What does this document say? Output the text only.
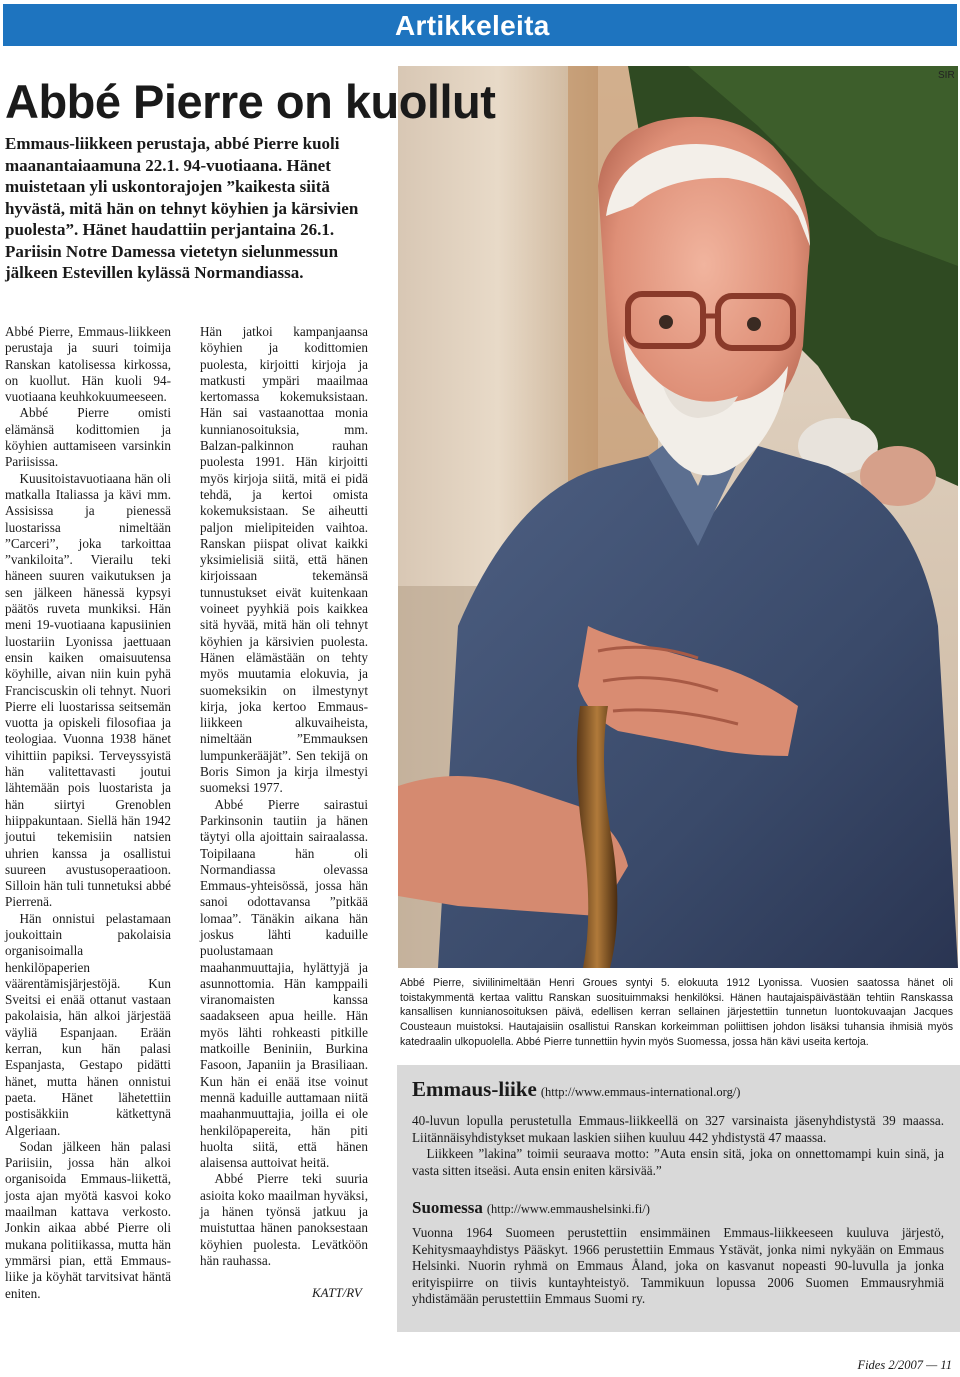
Artikkeleita
SIR
Abbé Pierre on kuollut

Emmaus-liikkeen perustaja, abbé Pierre kuoli maanantaiaamuna 22.1. 94-vuotiaana. Hänet muistetaan yli uskontorajojen ”kaikesta siitä hyvästä, mitä hän on tehnyt köyhien ja kärsivien puolesta”. Hänet haudattiin perjantaina 26.1. Pariisin Notre Damessa vietetyn sielunmessun jälkeen Estevillen kylässä Normandiassa.

Abbé Pierre, Emmaus-liikkeen perustaja ja suuri toimija Ranskan katolisessa kirkossa, on kuollut. Hän kuoli 94-vuotiaana keuhkokuumeeseen.

Abbé Pierre omisti elämänsä kodittomien ja köyhien auttamiseen varsinkin Pariisissa.

Kuusitoistavuotiaana hän oli matkalla Italiassa ja kävi mm. Assisissa ja pienessä luostarissa nimeltään ”Carceri”, joka tarkoittaa ”vankiloita”. Vierailu teki häneen suuren vaikutuksen ja sen jälkeen hänessä kypsyi päätös ruveta munkiksi. Hän meni 19-vuotiaana kapusiinien luostariin Lyonissa jaettuaan ensin kaiken omaisuutensa köyhille, aivan niin kuin pyhä Franciscuskin oli tehnyt. Nuori Pierre eli luostarissa seitsemän vuotta ja opiskeli filosofiaa ja teologiaa. Vuonna 1938 hänet vihittiin papiksi. Terveyssyistä hän valitettavasti joutui lähtemään pois luostarista ja hän siirtyi Grenoblen hiippakuntaan. Siellä hän 1942 joutui tekemisiin natsien uhrien kanssa ja osallistui suureen avustusoperaatioon. Silloin hän tuli tunnetuksi abbé Pierrenä.

Hän onnistui pelastamaan joukoittain pakolaisia organisoimalla henkilöpaperien väärentämisjärjestöjä. Kun Sveitsi ei enää ottanut vastaan pakolaisia, hän alkoi järjestää väyliä Espanjaan. Erään kerran, kun hän palasi Espanjasta, Gestapo pidätti hänet, mutta hänen onnistui paeta. Hänet lähetettiin postisäkkiin kätkettynä Algeriaan.

Sodan jälkeen hän palasi Pariisiin, jossa hän alkoi organisoida Emmaus-liikettä, josta ajan myötä kasvoi koko maailman kattava verkosto. Jonkin aikaa abbé Pierre oli mukana politiikassa, mutta hän ymmärsi pian, että Emmaus-liike ja köyhät tarvitsivat häntä eniten.

Hän jatkoi kampanjaansa köyhien ja kodittomien puolesta, kirjoitti kirjoja ja matkusti ympäri maailmaa kertomassa kokemuksistaan. Hän sai vastaanottaa monia kunnianosoituksia, mm. Balzan-palkinnon rauhan puolesta 1991. Hän kirjoitti myös kirjoja siitä, mitä ei pidä tehdä, ja kertoi omista kokemuksistaan. Se aiheutti paljon mielipiteiden vaihtoa. Ranskan piispat olivat kaikki yksimielisiä siitä, että hänen kirjoissaan tekemänsä tunnustukset eivät kuitenkaan voineet pyyhkiä pois kaikkea sitä hyvää, mitä hän oli tehnyt köyhien ja kärsivien puolesta. Hänen elämästään on tehty myös muutamia elokuvia, ja suomeksikin on ilmestynyt kirja, joka kertoo Emmaus-liikkeen alkuvaiheista, nimeltään ”Emmauksen lumpunkerääjät”. Sen tekijä on Boris Simon ja kirja ilmestyi suomeksi 1977.

Abbé Pierre sairastui Parkinsonin tautiin ja hänen täytyi olla ajoittain sairaalassa. Toipilaana hän oli Normandiassa olevassa Emmaus-yhteisössä, jossa hän sanoi odottavansa ”pitkää lomaa”. Tänäkin aikana hän joskus lähti kaduille puolustamaan maahanmuuttajia, hylättyjä ja asunnottomia. Hän kamppaili viranomaisten kanssa saadakseen apua heille. Hän myös lähti rohkeasti pitkille matkoille Beniniin, Burkina Fasoon, Japaniin ja Brasiliaan. Kun hän ei enää itse voinut mennä kaduille auttamaan niitä maahanmuuttajia, joilla ei ole henkilöpapereita, hän piti huolta siitä, että hänen alaisensa auttoivat heitä.

Abbé Pierre teki suuria asioita koko maailman hyväksi, ja hänen työnsä jatkuu ja muistuttaa hänen panoksestaan köyhien puolesta. Levätköön hän rauhassa.

KATT/RV

Abbé Pierre, siviilinimeltään Henri Groues syntyi 5. elokuuta 1912 Lyonissa. Vuosien saatossa hänet oli toistakymmentä kertaa valittu Ranskan suosituimmaksi henkilöksi. Hänen hautajaispäivästään tehtiin Ranskassa kansallisen kunnianosoituksen päivä, edellisen kerran sellainen järjestettiin tunnetun luontokuvaajan Jacques Cousteaun muistoksi. Hautajaisiin osallistui Ranskan korkeimman poliittisen johdon lisäksi tuhansia ihmisiä myös katedraalin ulkopuolella. Abbé Pierre tunnettiin hyvin myös Suomessa, jossa hän kävi useita kertoja.

Emmaus-liike (http://www.emmaus-international.org/)

40-luvun lopulla perustetulla Emmaus-liikkeellä on 327 varsinaista jäsenyhdistystä 39 maassa. Liitännäisyhdistykset mukaan laskien siihen kuuluu 442 yhdistystä 47 maassa.

Liikkeen ”lakina” toimii seuraava motto: ”Auta ensin sitä, joka on onnettomampi kuin sinä, ja vasta sitten itseäsi. Auta ensin eniten kärsivää.”

Suomessa (http://www.emmaushelsinki.fi/)

Vuonna 1964 Suomeen perustettiin ensimmäinen Emmaus-liikkeeseen kuuluva järjestö, Kehitysmaayhdistys Pääskyt. 1966 perustettiin Emmaus Ystävät, jonka nimi nykyään on Emmaus Helsinki. Nuorin ryhmä on Emmaus Åland, joka on kasvanut nopeasti 90-luvulla ja jonka erityispiirre on tiivis kuntayhteistyö. Tammikuun lopussa 2006 Suomen Emmausryhmiä yhdistämään perustettiin Emmaus Suomi ry.

Fides 2/2007 — 11
